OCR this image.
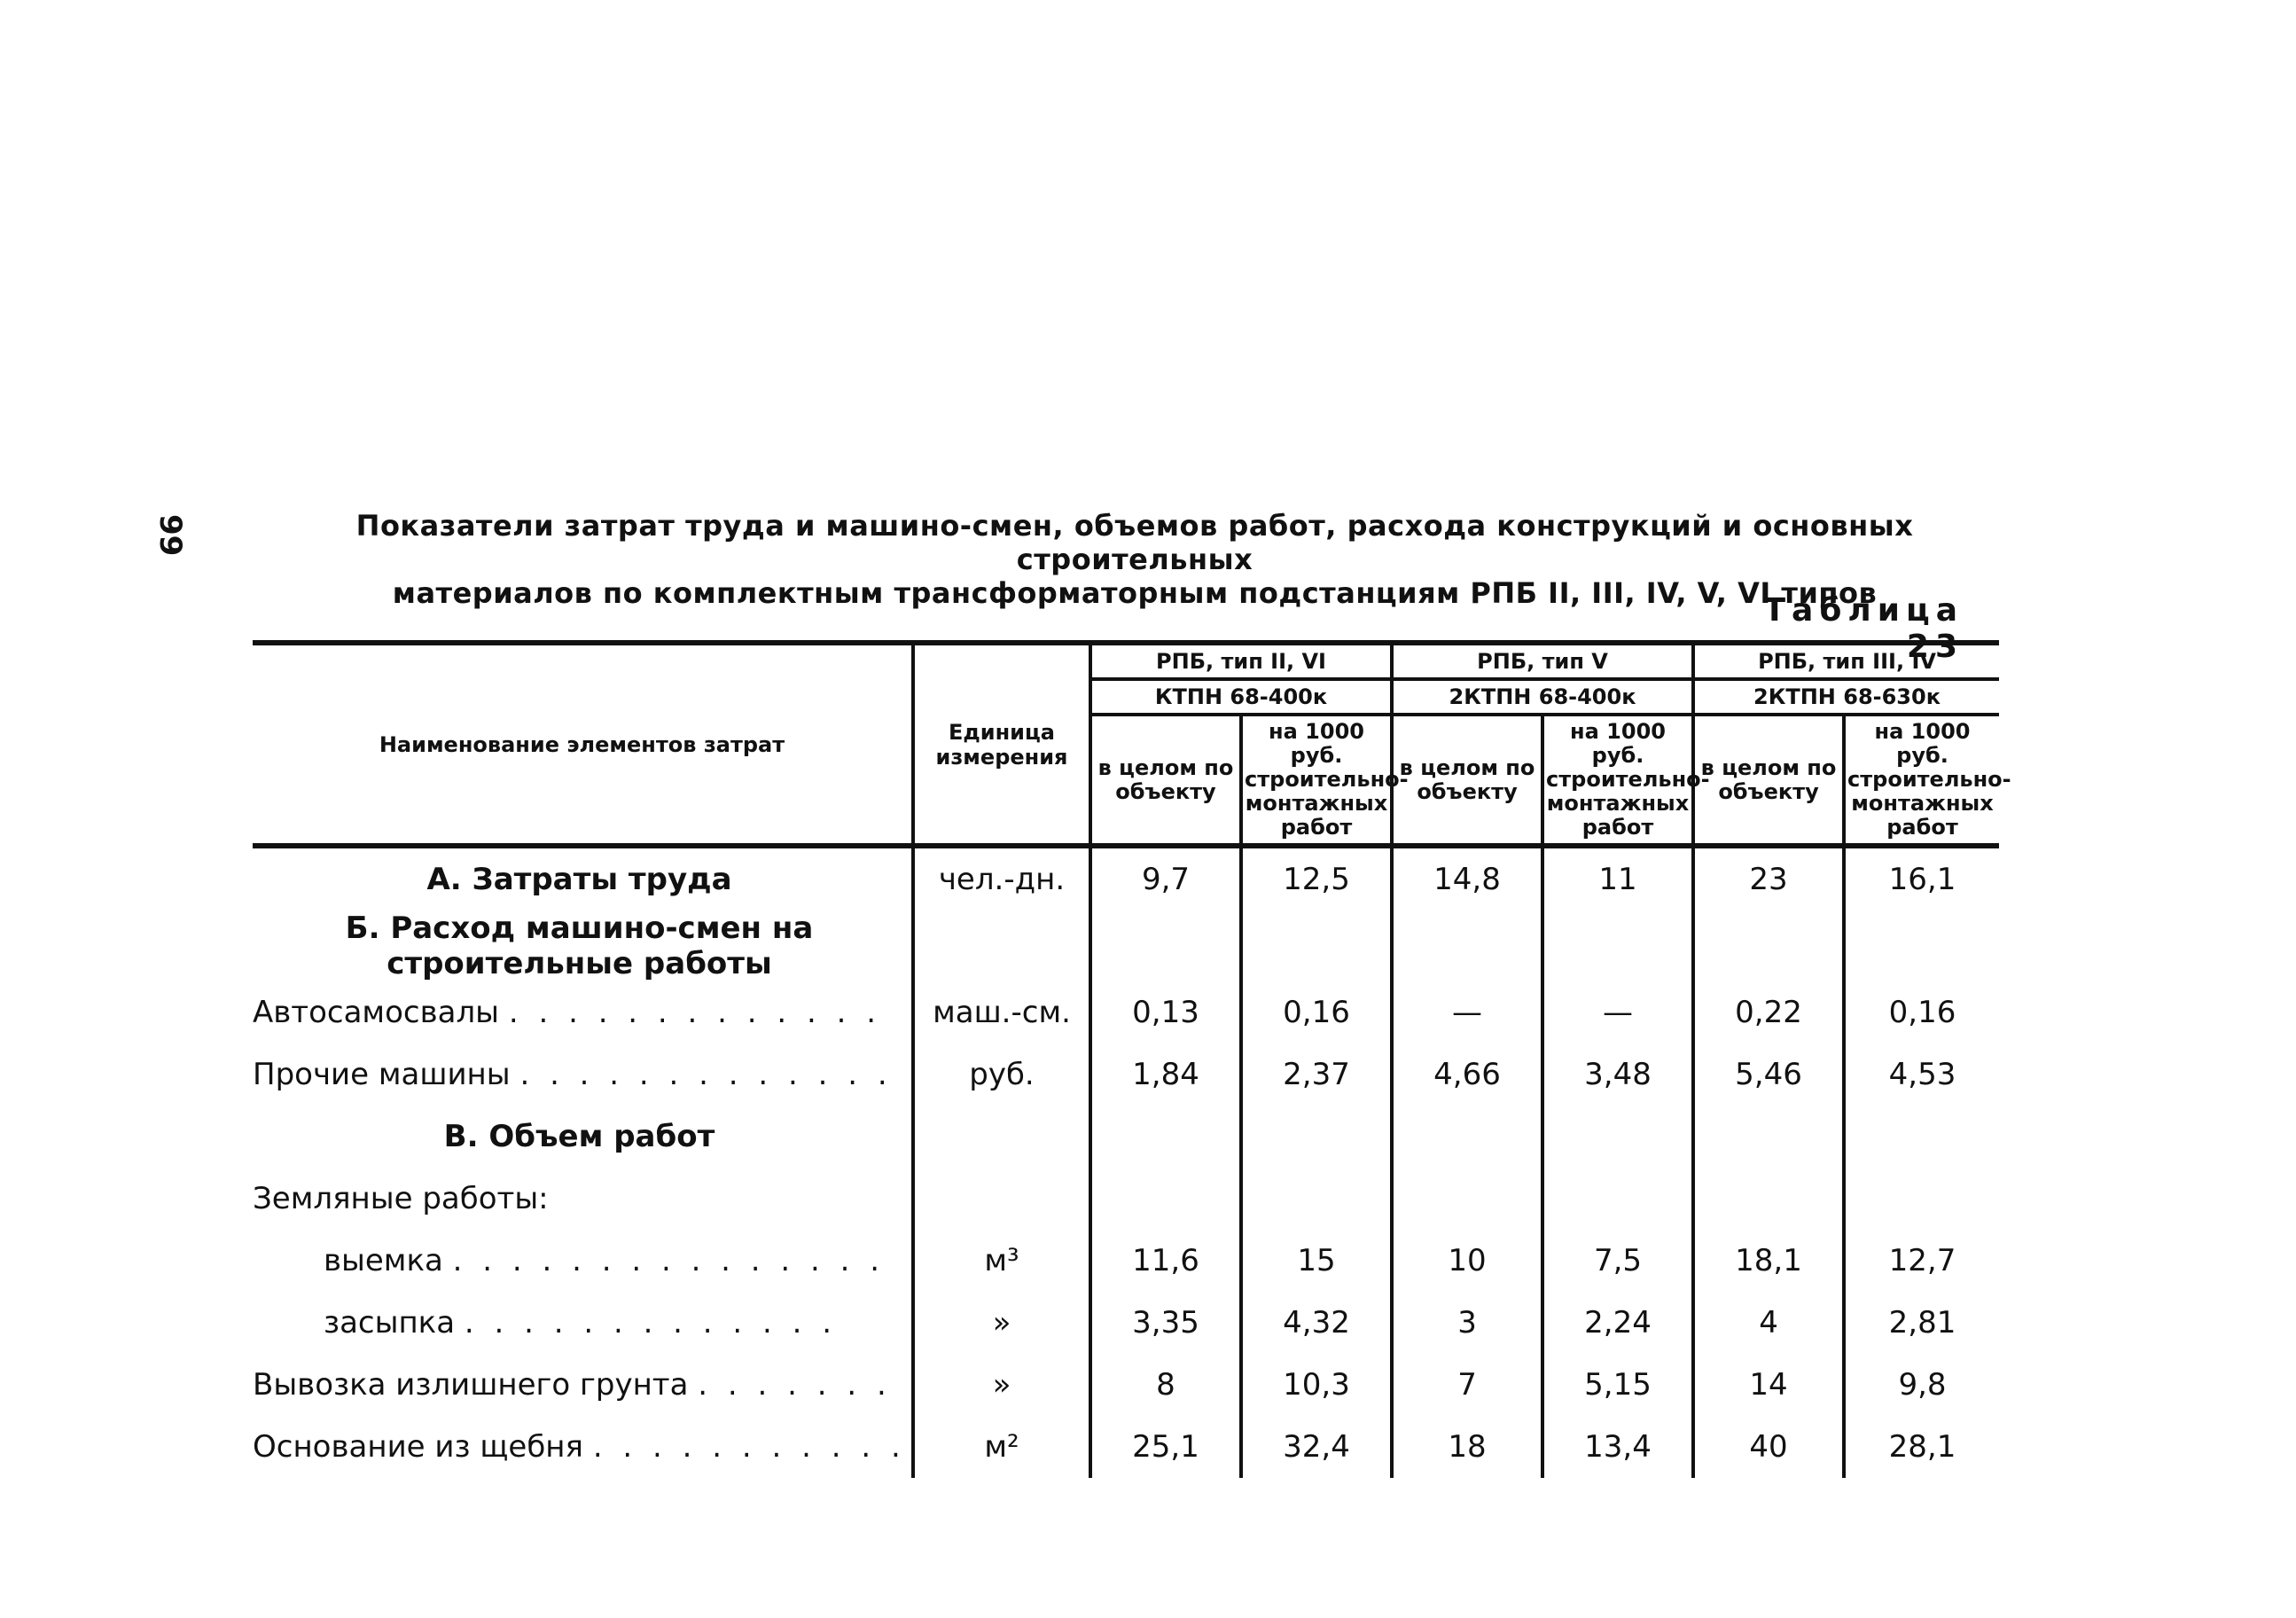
99	Показатели затрат труда и машино-смен, объемов работ, расхода конструкций и основных строительных
материалов по комплектным трансформаторным подстанциям РПБ II, III, IV, V, VI типов
Таблица 23
Наименование элементов затрат	Единица измерения	РПБ, тип II, VI		РПБ, тип V		РПБ, тип III, IV	
		КТПН 68-400к		2КТПН 68-400к		2КТПН 68-630к	
		в целом по объекту	на 1000 руб. строительно-монтажных работ	в целом по объекту	на 1000 руб. строительно-монтажных работ	в целом по объекту	на 1000 руб. строительно-монтажных работ
А. Затраты труда	чел.-дн.	9,7	12,5	14,8	11	23	16,1
Б. Расход машино-смен на строительные работы							
Автосамосвалы . . . . . . . . . . . . .	маш.-см.	0,13	0,16	—	—	0,22	0,16
Прочие машины . . . . . . . . . . . . .	руб.	1,84	2,37	4,66	3,48	5,46	4,53
В. Объем работ							
Земляные работы:							
выемка . . . . . . . . . . . . . . .	м³	11,6	15	10	7,5	18,1	12,7
засыпка . . . . . . . . . . . . .	»	3,35	4,32	3	2,24	4	2,81
Вывозка излишнего грунта . . . . . . .	»	8	10,3	7	5,15	14	9,8
Основание из щебня . . . . . . . . . . .	м²	25,1	32,4	18	13,4	40	28,1
